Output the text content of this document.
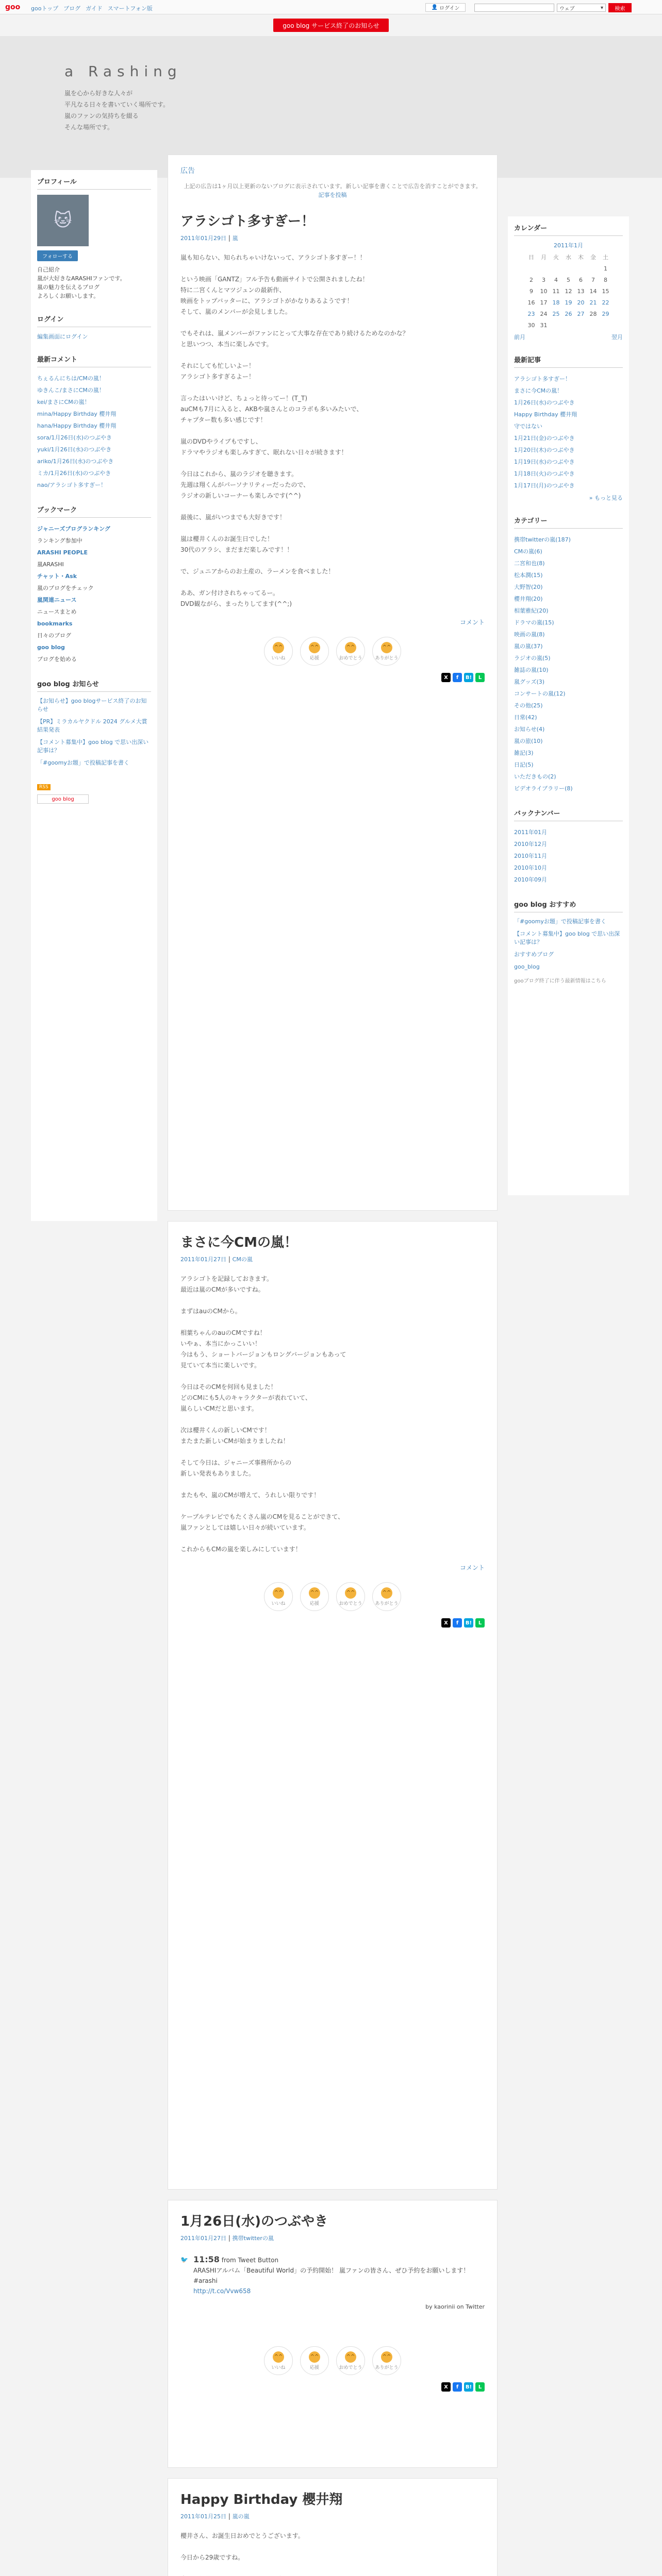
goo gooトップ ブログ ガイド スマートフォン版	👤 ログイン	ウェブ	▾	検索
goo blog サービス終了のお知らせ
a Rashing
嵐を心から好きな人々が
平凡なる日々を書いていく場所です。
嵐のファンの気持ちを綴る
そんな場所です。
プロフィール
🐱
フォローする
自己紹介
嵐が大好きなARASHIファンです。
嵐の魅力を伝えるブログ
よろしくお願いします。
ログイン
編集画面にログイン
最新コメント
ちぇるんにちは/CMの嵐！
ゆきんこ/まさにCMの嵐！
kei/まさにCMの嵐！
mina/Happy Birthday 櫻井翔
hana/Happy Birthday 櫻井翔
sora/1月26日(水)のつぶやき
yuki/1月26日(水)のつぶやき
ariko/1月26日(水)のつぶやき
ミカ/1月26日(水)のつぶやき
nao/アラシゴト多すぎー！
ブックマーク
ジャニーズブログランキング
ランキング参加中
ARASHI PEOPLE
嵐ARASHI
チャット・Ask
嵐のブログをチェック
嵐関連ニュース
ニュースまとめ
bookmarks
日々のブログ
goo blog
ブログを始める
goo blog お知らせ
【お知らせ】goo blogサービス終了のお知らせ
【PR】ミラカルヤクドル 2024 グルメ大賞 結果発表
【コメント募集中】goo blog で思い出深い記事は？
「#goomyお題」で投稿記事を書く
RSS
goo blog
カレンダー
2011年1月
日	月	火	水	木	金	土
						1
2	3	4	5	6	7	8
9	10	11	12	13	14	15
16	17	18	19	20	21	22
23	24	25	26	27	28	29
30	31					
前月	翌月
最新記事
アラシゴト多すぎー！
まさに今CMの嵐！
1月26日(水)のつぶやき
Happy Birthday 櫻井翔
守ではない
1月21日(金)のつぶやき
1月20日(木)のつぶやき
1月19日(水)のつぶやき
1月18日(火)のつぶやき
1月17日(月)のつぶやき
» もっと見る
カテゴリー
携帯twitterの嵐(187)
CMの嵐(6)
二宮和也(8)
松本潤(15)
大野智(20)
櫻井翔(20)
相葉雅紀(20)
ドラマの嵐(15)
映画の嵐(8)
嵐の嵐(37)
ラジオの嵐(5)
雑誌の嵐(10)
嵐グッズ(3)
コンサートの嵐(12)
その他(25)
日常(42)
お知らせ(4)
嵐の旅(10)
雑記(3)
日記(5)
いただきもの(2)
ビデオライブラリー(8)
バックナンバー
2011年01月
2010年12月
2010年11月
2010年10月
2010年09月
goo blog おすすめ
「#goomyお題」で投稿記事を書く
【コメント募集中】goo blog で思い出深い記事は？
おすすめブログ
goo_blog
gooブログ終了に伴う最新情報はこちら
広告
上記の広告は1ヶ月以上更新のないブログに表示されています。新しい記事を書くことで広告を消すことができます。 記事を投稿
アラシゴト多すぎー！
2011年01月29日 | 嵐
嵐も知らない、知られちゃいけないって、アラシゴト多すぎー！！

という映画「GANTZ」フル予告も動画サイトで公開されましたね！
特に二宮くんとマツジュンの最新作、
映画をトップバッターに、アラシゴトがかなりあるようです！
そして、嵐のメンバーが会見しました。

でもそれは、嵐メンバーがファンにとって大事な存在であり続けるためなのかな？
と思いつつ、本当に楽しみです。

それにしても忙しいよー！
アラシゴト多すぎるよー！

言ったはいいけど、ちょっと待ってー！(T_T)
auCMも7月に入ると、AKBや嵐さんとのコラボも多いみたいで、
チャプター数も多い感じです！

嵐のDVDやライブもですし、
ドラマやラジオも楽しみすぎて、眠れない日々が続きます！

今日はこれから、嵐のラジオを聴きます。
先週は翔くんがパーソナリティーだったので、
ラジオの新しいコーナーも楽しみです(^^)

最後に、嵐がいつまでも大好きです！

嵐は櫻井くんのお誕生日でした！
30代のアラシ、まだまだ楽しみです！！

で、ジュニアからのお土産の、ラーメンを食べました！

ああ、ガン付けされちゃってるー。
DVD観ながら、まったりしてます(^^;)
コメント
^^
いいね
^^
応援
^^
おめでとう
^^
ありがとう
X	f	B!	L
まさに今CMの嵐！
2011年01月27日 | CMの嵐
アラシゴトを記録しておきます。
最近は嵐のCMが多いですね。

まずはauのCMから。

相葉ちゃんのauのCMですね！
いやぁ、本当にかっこいい！
今はもう、ショートバージョンもロングバージョンもあって
見ていて本当に楽しいです。

今日はそのCMを何回も見ました！
どのCMにも5人のキャラクターが表れていて、
嵐らしいCMだと思います。

次は櫻井くんの新しいCMです！
またまた新しいCMが始まりましたね！

そして今日は、ジャニーズ事務所からの
新しい発表もありました。

またもや、嵐のCMが増えて、うれしい限りです！

ケーブルテレビでもたくさん嵐のCMを見ることができて、
嵐ファンとしては嬉しい日々が続いています。

これからもCMの嵐を楽しみにしています！
コメント
^^
いいね
^^
応援
^^
おめでとう
^^
ありがとう
X	f	B!	L
1月26日(水)のつぶやき
2011年01月27日 | 携帯twitterの嵐
🐦 11:58 from Tweet Button
ARASHIアルバム「Beautiful World」の予約開始！ 嵐ファンの皆さん、ぜひ予約をお願いします！ #arashi
http://t.co/Vvw658
by kaorinii on Twitter
^^
いいね
^^
応援
^^
おめでとう
^^
ありがとう
X	f	B!	L
Happy Birthday 櫻井翔
2011年01月25日 | 嵐の嵐
櫻井さん、お誕生日おめでとうございます。

今日から29歳ですね。
